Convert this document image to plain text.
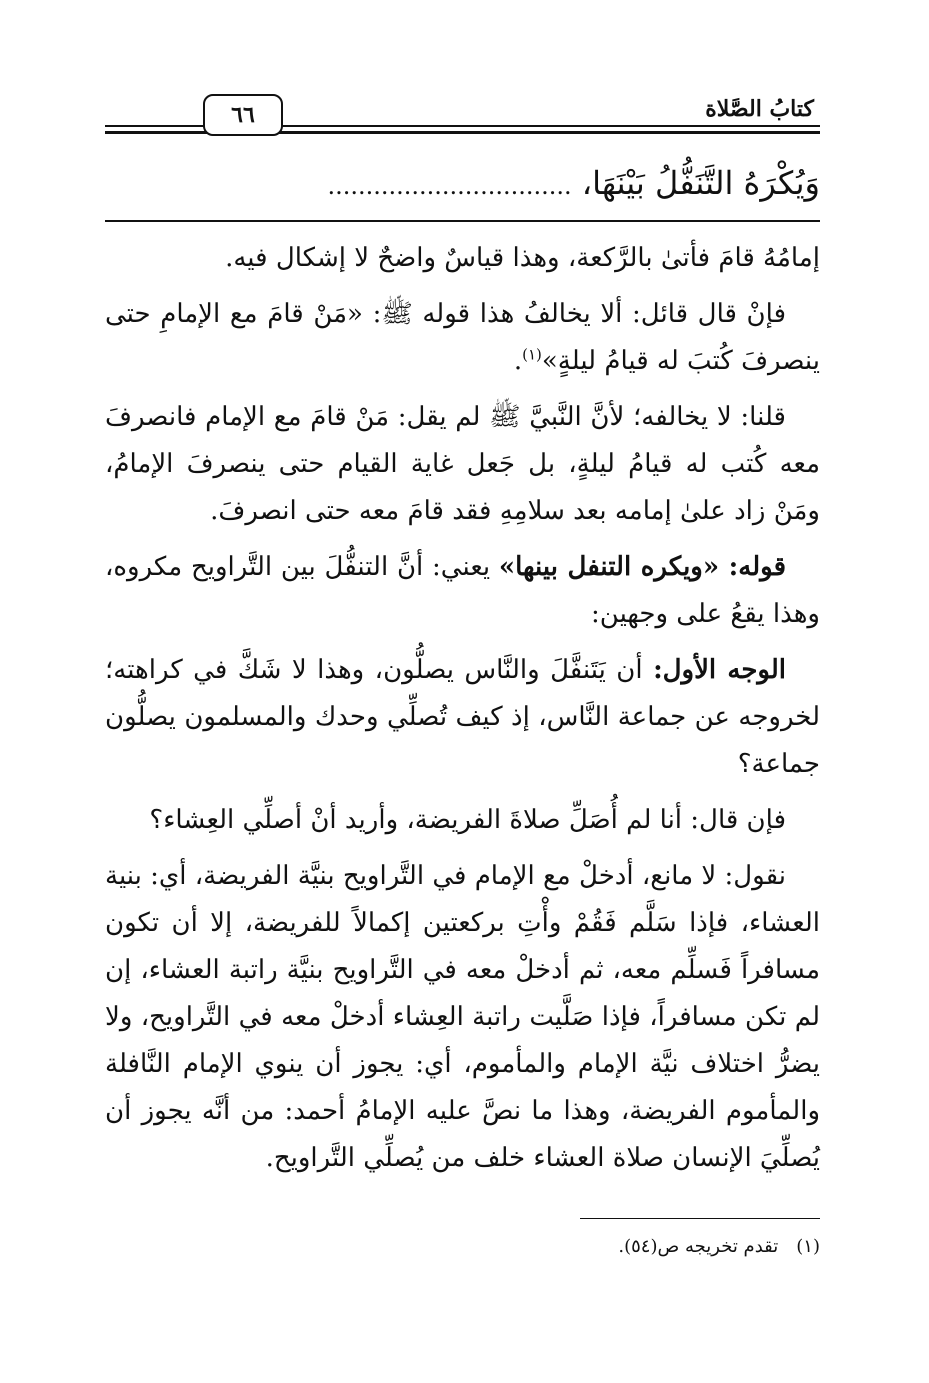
كتابُ الصَّلاة
٦٦
وَيُكْرَهُ التَّنَفُّلُ بَيْنَهَا، ................................

إمامُهُ قامَ فأتىٰ بالرَّكعة، وهذا قياسٌ واضحٌ لا إشكال فيه.

فإنْ قال قائل: ألا يخالفُ هذا قوله ﷺ: «مَنْ قامَ مع الإمامِ حتى ينصرفَ كُتبَ له قيامُ ليلةٍ»$^{(١)}$.

قلنا: لا يخالفه؛ لأنَّ النَّبيَّ ﷺ لم يقل: مَنْ قامَ مع الإمام فانصرفَ معه كُتب له قيامُ ليلةٍ، بل جَعل غاية القيام حتى ينصرفَ الإمامُ، ومَنْ زاد علىٰ إمامه بعد سلامِهِ فقد قامَ معه حتى انصرفَ.

قوله: «ويكره التنفل بينها» يعني: أنَّ التنفُّلَ بين التَّراويح مكروه، وهذا يقعُ على وجهين:

الوجه الأول: أن يَتَنفَّلَ والنَّاس يصلُّون، وهذا لا شَكَّ في كراهته؛ لخروجه عن جماعة النَّاس، إذ كيف تُصلِّي وحدك والمسلمون يصلُّون جماعة؟

فإن قال: أنا لم أُصَلِّ صلاةَ الفريضة، وأريد أنْ أصلِّي العِشاء؟

نقول: لا مانع، أدخلْ مع الإمام في التَّراويح بنيَّة الفريضة، أي: بنية العشاء، فإذا سَلَّم فَقُمْ وأْتِ بركعتين إكمالاً للفريضة، إلا أن تكون مسافراً فَسلِّم معه، ثم أدخلْ معه في التَّراويح بنيَّة راتبة العشاء، إن لم تكن مسافراً، فإذا صَلَّيت راتبة العِشاء أدخلْ معه في التَّراويح، ولا يضرُّ اختلاف نيَّة الإمام والمأموم، أي: يجوز أن ينوي الإمام النَّافلة والمأموم الفريضة، وهذا ما نصَّ عليه الإمامُ أحمد: من أنَّه يجوز أن يُصلِّيَ الإنسان صلاة العشاء خلف من يُصلِّي التَّراويح.

(١)تقدم تخريجه ص(٥٤).
